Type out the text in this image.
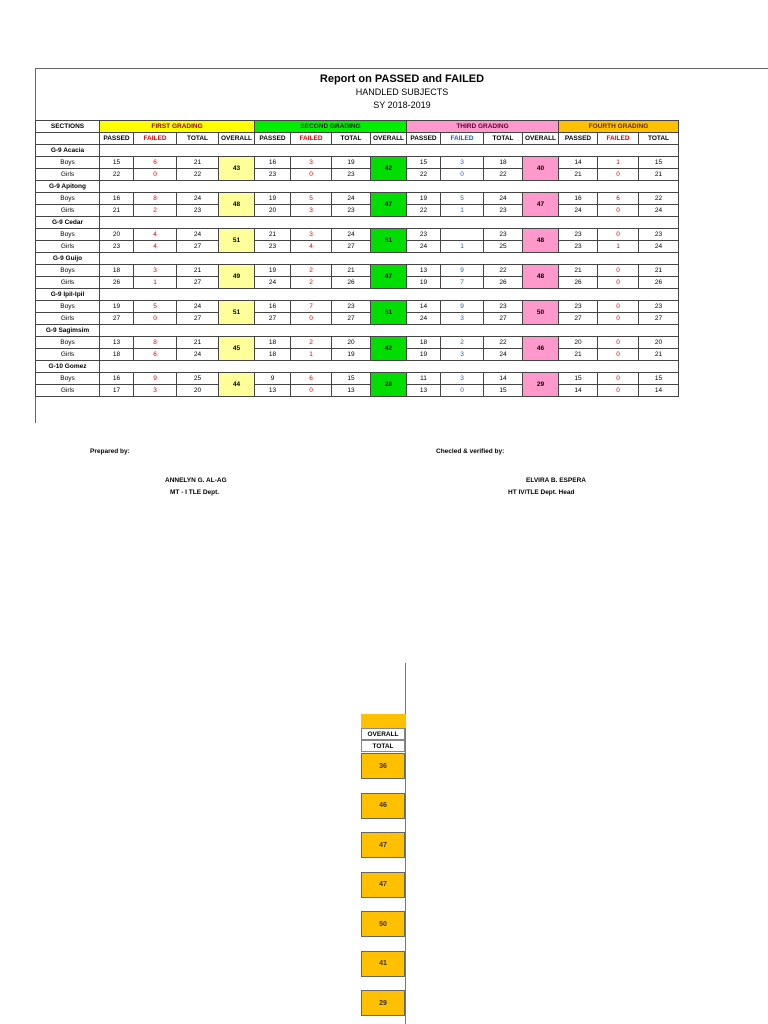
Report on PASSED and FAILED
HANDLED SUBJECTS
SY 2018-2019
SECTIONS	FIRST GRADING				SECOND GRADING				THIRD GRADING				FOURTH GRADING		
	PASSED	FAILED	TOTAL	OVERALL	PASSED	FAILED	TOTAL	OVERALL	PASSED	FAILED	TOTAL	OVERALL	PASSED	FAILED	TOTAL
G-9 Acacia															
Boys	15	6	21	43	16	3	19	42	15	3	18	40	14	1	15
Girls	22	0	22		23	0	23		22	0	22		21	0	21
G-9 Apitong															
Boys	16	8	24	48	19	5	24	47	19	5	24	47	16	6	22
Girls	21	2	23		20	3	23		22	1	23		24	0	24
G-9 Cedar															
Boys	20	4	24	51	21	3	24	51	23		23	48	23	0	23
Girls	23	4	27		23	4	27		24	1	25		23	1	24
G-9 Guijo															
Boys	18	3	21	49	19	2	21	47	13	9	22	48	21	0	21
Girls	26	1	27		24	2	26		19	7	26		26	0	26
G-9 Ipil-Ipil															
Boys	19	5	24	51	16	7	23	51	14	9	23	50	23	0	23
Girls	27	0	27		27	0	27		24	3	27		27	0	27
G-9 Sagimsim															
Boys	13	8	21	45	18	2	20	42	18	2	22	46	20	0	20
Girls	18	6	24		18	1	19		19	3	24		21	0	21
G-10 Gomez															
Boys	16	9	25	44	9	6	15	28	11	3	14	29	15	0	15
Girls	17	3	20		13	0	13		13	0	15		14	0	14
Prepared by:
ANNELYN G. AL-AG
MT - I TLE Dept.
Checled & verified by:
ELVIRA B. ESPERA
HT IV/TLE Dept. Head
OVERALL
TOTAL
36
46
47
47
50
41
29
